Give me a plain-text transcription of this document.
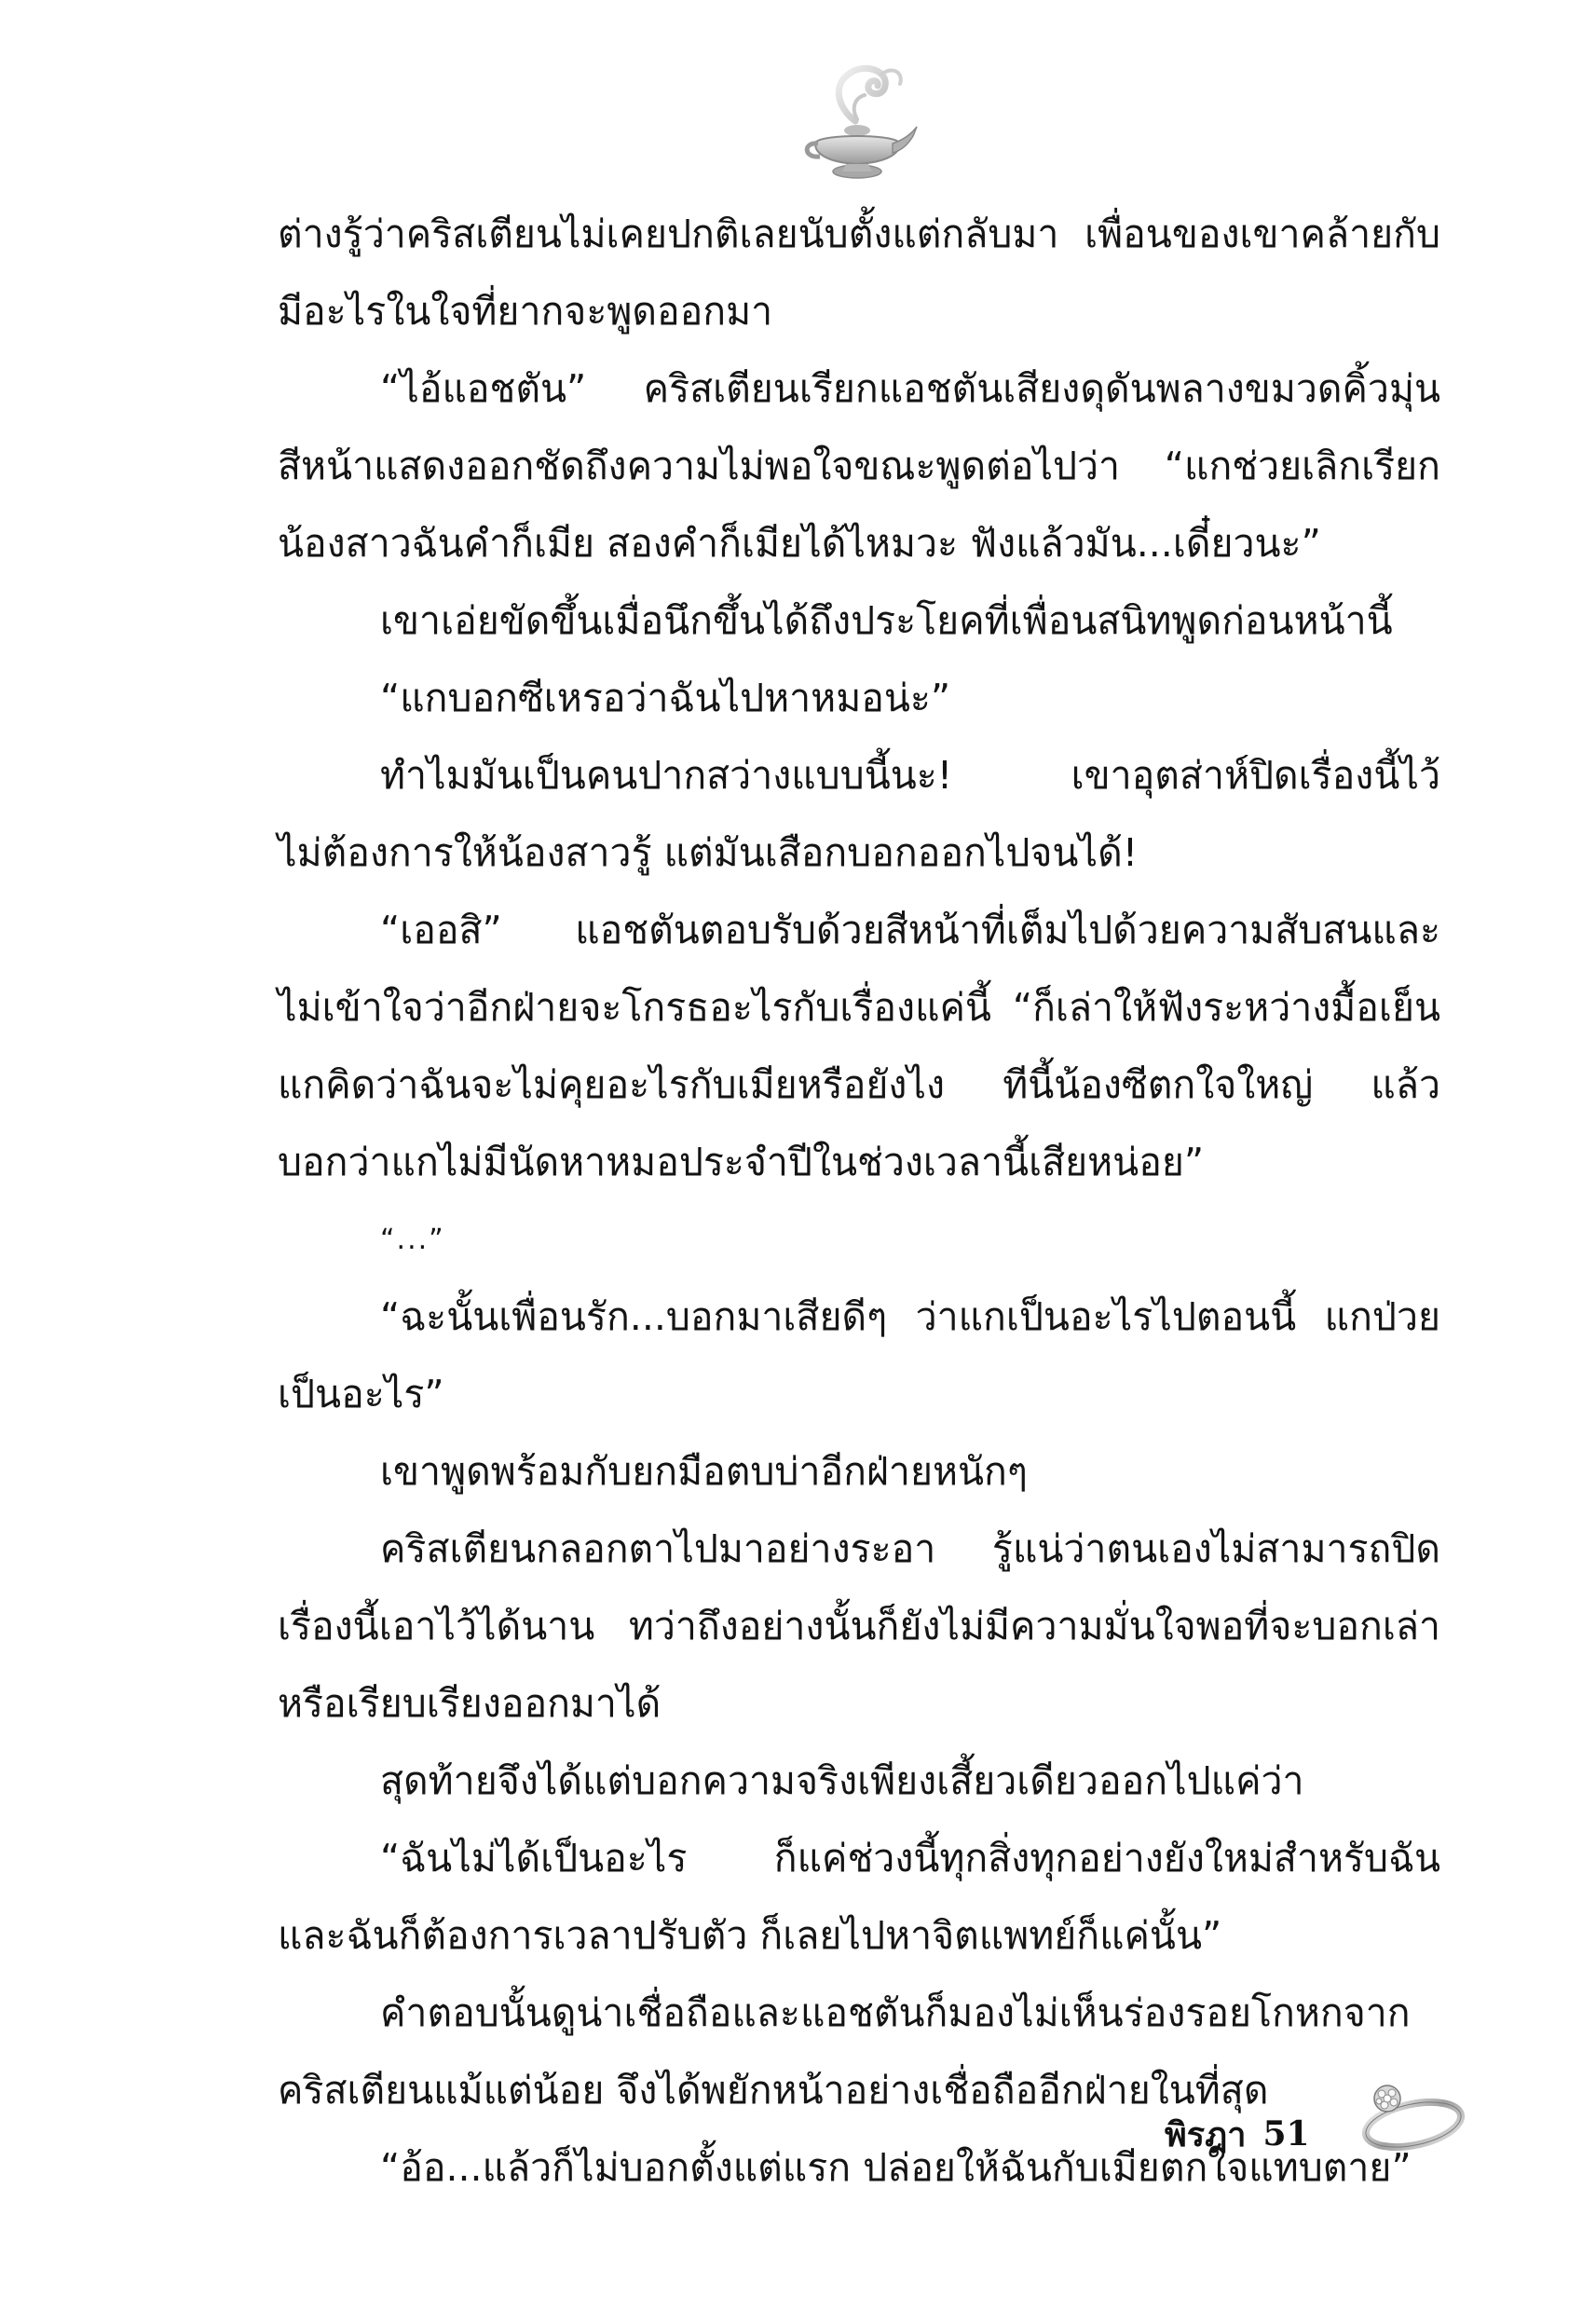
ต่างรู้ว่าคริสเตียนไม่เคยปกติเลยนับตั้งแต่กลับมา เพื่อนของเขาคล้ายกับ
มีอะไรในใจที่ยากจะพูดออกมา
“ไอ้แอชตัน” คริสเตียนเรียกแอชตันเสียงดุดันพลางขมวดคิ้วมุ่น
สีหน้าแสดงออกชัดถึงความไม่พอใจขณะพูดต่อไปว่า “แกช่วยเลิกเรียก
น้องสาวฉันคำก็เมีย สองคำก็เมียได้ไหมวะ ฟังแล้วมัน...เดี๋ยวนะ”
เขาเอ่ยขัดขึ้นเมื่อนึกขึ้นได้ถึงประโยคที่เพื่อนสนิทพูดก่อนหน้านี้
“แกบอกซีเหรอว่าฉันไปหาหมอน่ะ”
ทำไมมันเป็นคนปากสว่างแบบนี้นะ! เขาอุตส่าห์ปิดเรื่องนี้ไว้
ไม่ต้องการให้น้องสาวรู้ แต่มันเสือกบอกออกไปจนได้!
“เออสิ” แอชตันตอบรับด้วยสีหน้าที่เต็มไปด้วยความสับสนและ
ไม่เข้าใจว่าอีกฝ่ายจะโกรธอะไรกับเรื่องแค่นี้ “ก็เล่าให้ฟังระหว่างมื้อเย็น
แกคิดว่าฉันจะไม่คุยอะไรกับเมียหรือยังไง ทีนี้น้องซีตกใจใหญ่ แล้ว
บอกว่าแกไม่มีนัดหาหมอประจำปีในช่วงเวลานี้เสียหน่อย”
“...”
“ฉะนั้นเพื่อนรัก...บอกมาเสียดีๆ ว่าแกเป็นอะไรไปตอนนี้ แกป่วย
เป็นอะไร”
เขาพูดพร้อมกับยกมือตบบ่าอีกฝ่ายหนักๆ
คริสเตียนกลอกตาไปมาอย่างระอา รู้แน่ว่าตนเองไม่สามารถปิด
เรื่องนี้เอาไว้ได้นาน ทว่าถึงอย่างนั้นก็ยังไม่มีความมั่นใจพอที่จะบอกเล่า
หรือเรียบเรียงออกมาได้
สุดท้ายจึงได้แต่บอกความจริงเพียงเสี้ยวเดียวออกไปแค่ว่า
“ฉันไม่ได้เป็นอะไร ก็แค่ช่วงนี้ทุกสิ่งทุกอย่างยังใหม่สำหรับฉัน
และฉันก็ต้องการเวลาปรับตัว ก็เลยไปหาจิตแพทย์ก็แค่นั้น”
คำตอบนั้นดูน่าเชื่อถือและแอชตันก็มองไม่เห็นร่องรอยโกหกจาก
คริสเตียนแม้แต่น้อย จึงได้พยักหน้าอย่างเชื่อถืออีกฝ่ายในที่สุด
“อ้อ...แล้วก็ไม่บอกตั้งแต่แรก ปล่อยให้ฉันกับเมียตกใจแทบตาย”
พิรฎา 51
